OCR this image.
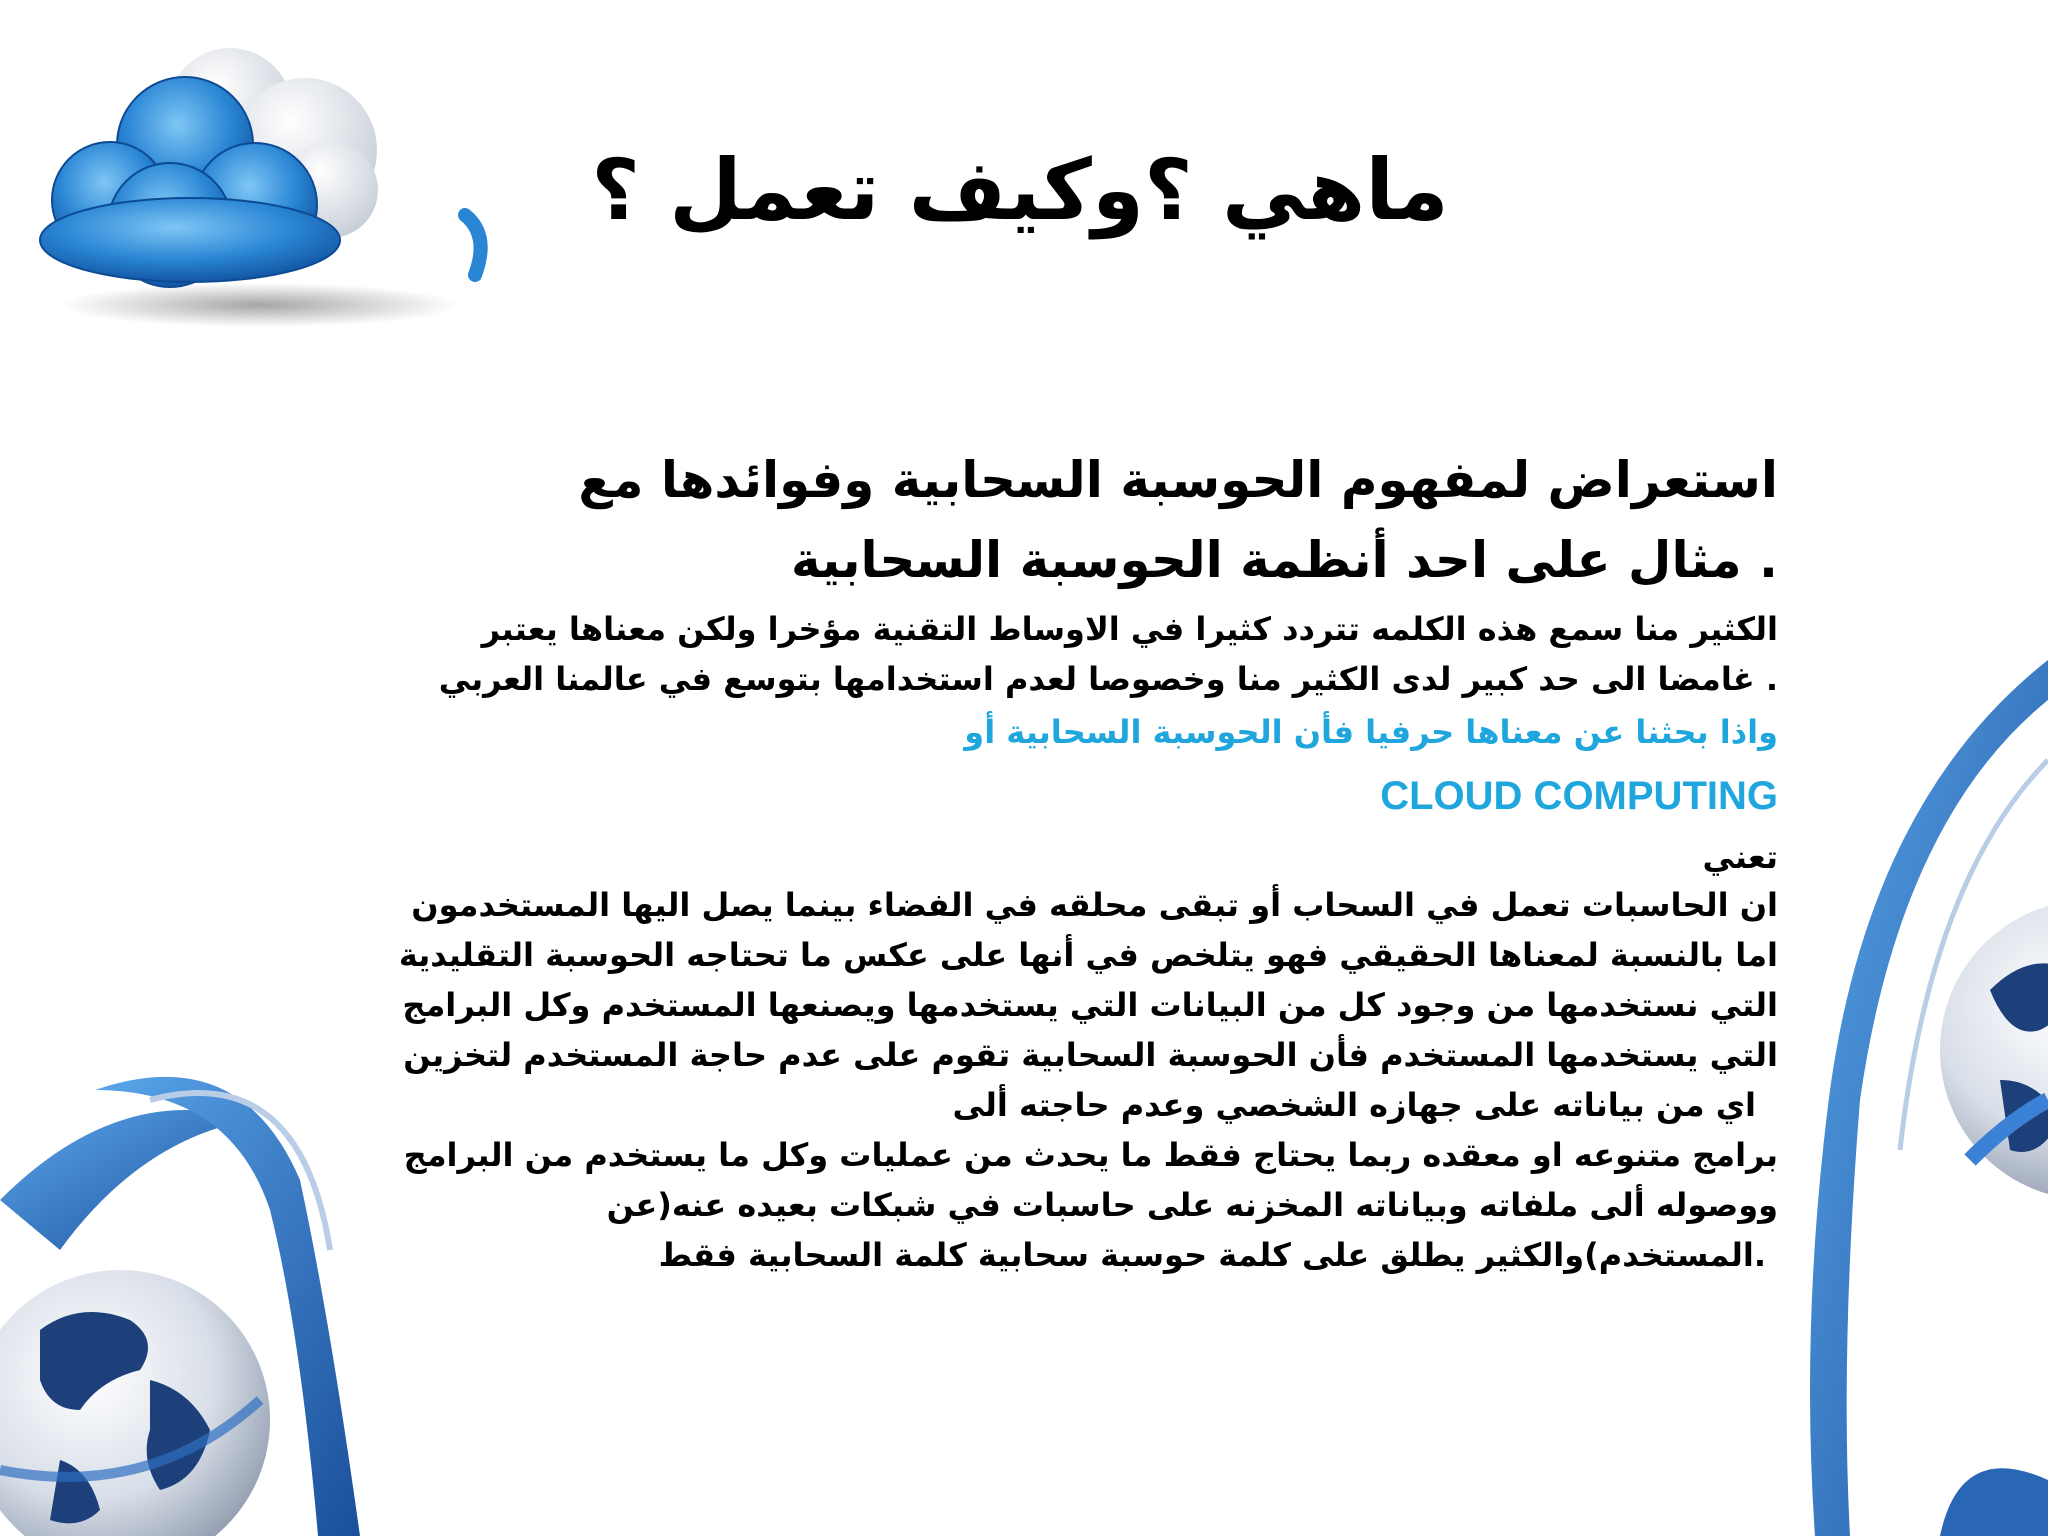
ماهي ؟وكيف تعمل ؟

استعراض لمفهوم الحوسبة السحابية وفوائدها مع

. مثال على احد أنظمة الحوسبة السحابية

الكثير منا سمع هذه الكلمه تتردد كثيرا في الاوساط التقنية مؤخرا ولكن معناها يعتبر

. غامضا الى حد كبير لدى الكثير منا وخصوصا لعدم استخدامها بتوسع في عالمنا العربي

واذا بحثنا عن معناها حرفيا فأن الحوسبة السحابية أو

CLOUD COMPUTING

تعني

ان الحاسبات تعمل في السحاب أو تبقى محلقه في الفضاء بينما يصل اليها المستخدمون

اما بالنسبة لمعناها الحقيقي فهو يتلخص في أنها على عكس ما تحتاجه الحوسبة التقليدية

التي نستخدمها من وجود كل من البيانات التي يستخدمها ويصنعها المستخدم وكل البرامج

التي يستخدمها المستخدم فأن الحوسبة السحابية تقوم على عدم حاجة المستخدم لتخزين

اي من بياناته على جهازه الشخصي وعدم حاجته ألى

برامج متنوعه او معقده ربما يحتاج فقط ما يحدث من عمليات وكل ما يستخدم من البرامج

ووصوله ألى ملفاته وبياناته المخزنه على حاسبات في شبكات بعيده عنه(عن

.المستخدم)والكثير يطلق على كلمة حوسبة سحابية كلمة السحابية فقط
